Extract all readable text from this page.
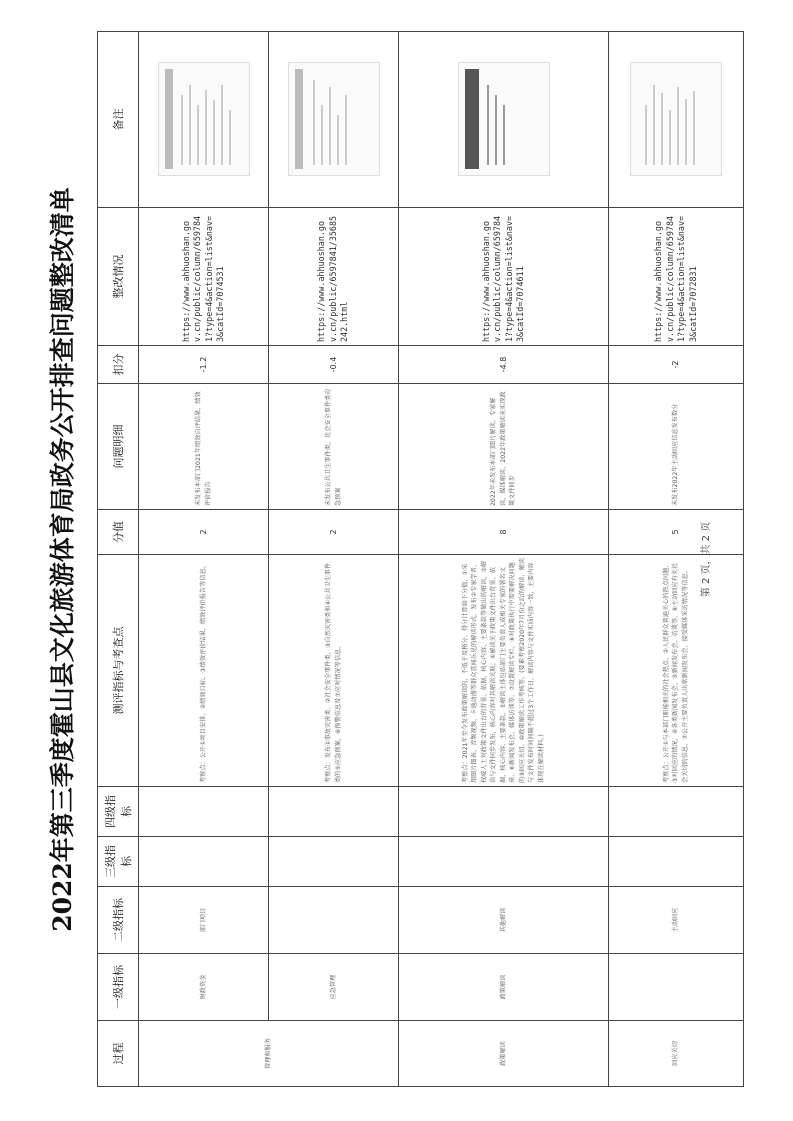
2022年第三季度霍山县文化旅游体育局政务公开排查问题整改清单
过程	一级指标	二级指标	三级指标	四级指标	测评指标与考查点	分值	问题明细	扣分	整改情况	备注
管理和服务	财政资金	部门项目			考察点：公开①项目安排、②绩效目标、③绩效评价结果、绩效评价报告等信息。	2	未发布本部门2021年绩效自评结果、绩效评价报告	-1.2	https://www.ahhuoshan.gov.cn/public/column/6597841?type=4&action=list&nav=3&catId=7074531	

	应急管理				考察点：发布①事故灾害类、②社会安全事件类、③自然灾害类和④公共卫生事件类的⑤应急预案、⑥预警信息及⑦应对情况等信息。	2	未发布公共卫生事件类、社会安全事件类应急预案	-0.4	https://www.ahhuoshan.gov.cn/public/6597841/35685242.html	

政策解读	政策解读	其他解读			考察点：2021年至今发布政策解读的，不低于及格分。得分计算如下分值，①采用图片图表、音频视频、卡通动漫等群众喜闻乐见的解读形式，发布②专家学者、权威人士对政策文件出台的背景、依据、核心内容、主要条款等做出的解读。③解读与文件同步发布，核心内容对其解读关联；④解读关于政策文件出台背景、依据、核心内容、主要条款，⑤解读主体包括部门主要负责人或相关专家的署名文章、⑥新闻发布会、媒体访谈等。⑦设置解读专栏，⑧对政策执行中需要解决问题的⑨回应关切。⑩政策解读工作考核等。(要素考察2020年7月份之后的解读，解读与文件发布时间间隔不超过3个工作日，解读内容与文件实质内容一致，主要内容体现在解读材料。)	8	2022年未发布本部门图片解读、专家解读、媒体解读，2022年政策解读未实现政策文件同步	-4.8	https://www.ahhuoshan.gov.cn/public/column/6597841?type=4&action=list&nav=3&catId=7074611	

回应关切		主动回应			考察点：公开①与本部门职能相关的社会热点、②人民群众普遍关心的热点问题，③对回应的情况、④各类新闻发布会、⑤新闻发布会、访谈等，⑥主动回应有关社会关切的信息。⑦公开主要负责人出席新闻发布会、接受媒体采访情况等信息。	5	未发布2022年主动回应信息发布数分	-2	https://www.ahhuoshan.gov.cn/public/column/6597841?type=4&action=list&nav=3&catId=7072831	
第 2 页，共 2 页
